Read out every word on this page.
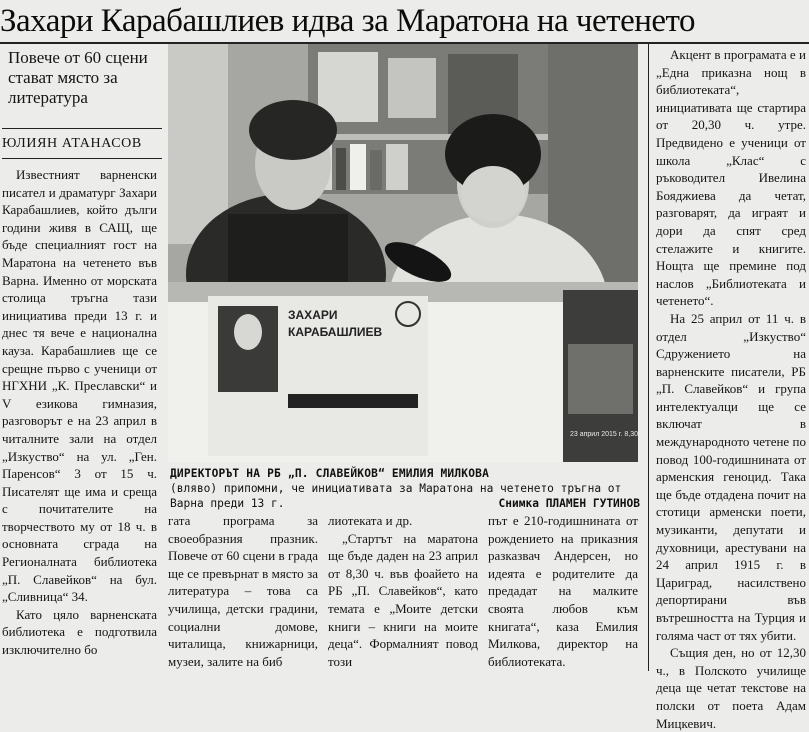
Захари Карабашлиев идва за Маратона на четенето
Повече от 60 сцени стават място за литература
ЮЛИЯН АТАНАСОВ
ЗАХАРИ
КАРАБАШЛИЕВ
23 април 2015 г. 8,30 ч.
ДИРЕКТОРЪТ НА РБ „П. СЛАВЕЙКОВ“ ЕМИЛИЯ МИЛКОВА
(вляво) припомни, че инициативата за Маратона на четенето тръгна от Варна преди 13 г.	Снимка ПЛАМЕН ГУТИНОВ

Известният варненски писател и драматург Захари Карабашлиев, който дълги години живя в САЩ, ще бъде специалният гост на Маратона на четенето във Варна. Именно от морската столица тръгна тази инициатива преди 13 г. и днес тя вече е национална кауза. Карабашлиев ще се срещне първо с ученици от НГХНИ „К. Преславски“ и V езикова гимназия, разговорът е на 23 април в читалните зали на отдел „Изкуство“ на ул. „Ген. Паренсов“ 3 от 15 ч. Писателят ще има и среща с почитателите на творчеството му от 18 ч. в основната сграда на Регионалната библиотека „П. Славейков“ на бул. „Сливница“ 34.

Като цяло варненската библиотека е подготвила изключително бо

гата програма за своеобразния празник. Повече от 60 сцени в града ще се превърнат в място за литература – това са училища, детски градини, социални домове, читалища, книжарници, музеи, залите на биб

лиотеката и др.

„Стартът на маратона ще бъде даден на 23 април от 8,30 ч. във фоайето на РБ „П. Славейков“, като темата е „Моите детски книги – книги на моите деца“. Формалният повод този

път е 210-годишнината от рождението на приказния разказвач Андерсен, но идеята е родителите да предадат на малките своята любов към книгата“, каза Емилия Милкова, директор на библиотеката.

Акцент в програмата е и „Една приказна нощ в библиотеката“, инициативата ще стартира от 20,30 ч. утре. Предвидено е ученици от школа „Клас“ с ръководител Ивелина Бояджиева да четат, разговарят, да играят и дори да спят сред стелажите и книгите. Нощта ще премине под наслов „Библиотеката и четенето“.

На 25 април от 11 ч. в отдел „Изкуство“ Сдружението на варненските писатели, РБ „П. Славейков“ и група интелектуалци ще се включат в международното четене по повод 100-годишнината от арменския геноцид. Така ще бъде отдадена почит на стотици арменски поети, музиканти, депутати и духовници, арестувани на 24 април 1915 г. в Цариград, насилствено депортирани във вътрешността на Турция и голяма част от тях убити.

Същия ден, но от 12,30 ч., в Полското училище деца ще четат текстове на полски от поета Адам Мицкевич.
